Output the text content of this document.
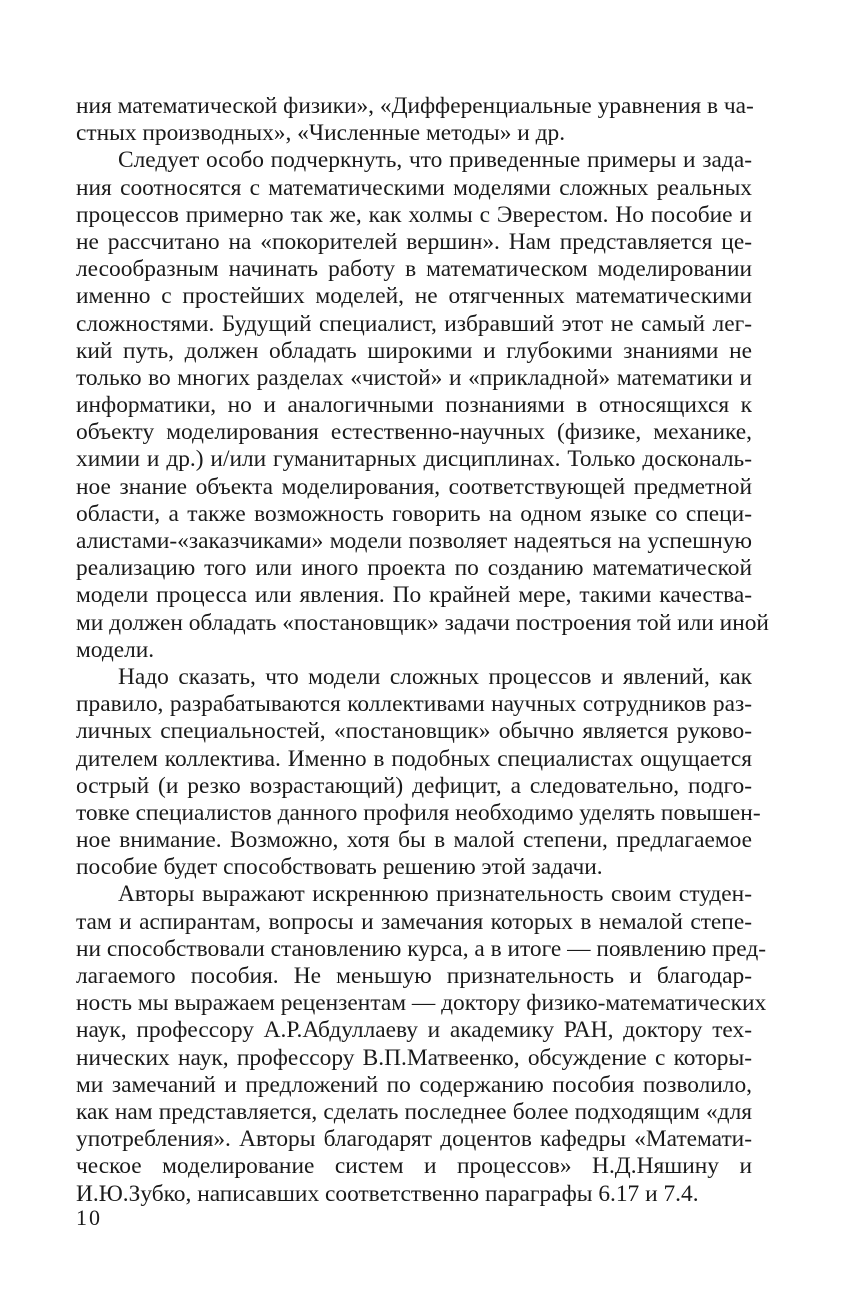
ния математической физики», «Дифференциальные уравнения в ча-
стных производных», «Численные методы» и др.
Следует особо подчеркнуть, что приведенные примеры и зада-
ния соотносятся с математическими моделями сложных реальных
процессов примерно так же, как холмы с Эверестом. Но пособие и
не рассчитано на «покорителей вершин». Нам представляется це-
лесообразным начинать работу в математическом моделировании
именно с простейших моделей, не отягченных математическими
сложностями. Будущий специалист, избравший этот не самый лег-
кий путь, должен обладать широкими и глубокими знаниями не
только во многих разделах «чистой» и «прикладной» математики и
информатики, но и аналогичными познаниями в относящихся к
объекту моделирования естественно-научных (физике, механике,
химии и др.) и/или гуманитарных дисциплинах. Только доскональ-
ное знание объекта моделирования, соответствующей предметной
области, а также возможность говорить на одном языке со специ-
алистами-«заказчиками» модели позволяет надеяться на успешную
реализацию того или иного проекта по созданию математической
модели процесса или явления. По крайней мере, такими качества-
ми должен обладать «постановщик» задачи построения той или иной
модели.
Надо сказать, что модели сложных процессов и явлений, как
правило, разрабатываются коллективами научных сотрудников раз-
личных специальностей, «постановщик» обычно является руково-
дителем коллектива. Именно в подобных специалистах ощущается
острый (и резко возрастающий) дефицит, а следовательно, подго-
товке специалистов данного профиля необходимо уделять повышен-
ное внимание. Возможно, хотя бы в малой степени, предлагаемое
пособие будет способствовать решению этой задачи.
Авторы выражают искреннюю признательность своим студен-
там и аспирантам, вопросы и замечания которых в немалой степе-
ни способствовали становлению курса, а в итоге — появлению пред-
лагаемого пособия. Не меньшую признательность и благодар-
ность мы выражаем рецензентам — доктору физико-математических
наук, профессору А.Р.Абдуллаеву и академику РАН, доктору тех-
нических наук, профессору В.П.Матвеенко, обсуждение с которы-
ми замечаний и предложений по содержанию пособия позволило,
как нам представляется, сделать последнее более подходящим «для
употребления». Авторы благодарят доцентов кафедры «Математи-
ческое моделирование систем и процессов» Н.Д.Няшину и
И.Ю.Зубко, написавших соответственно параграфы 6.17 и 7.4.
10
